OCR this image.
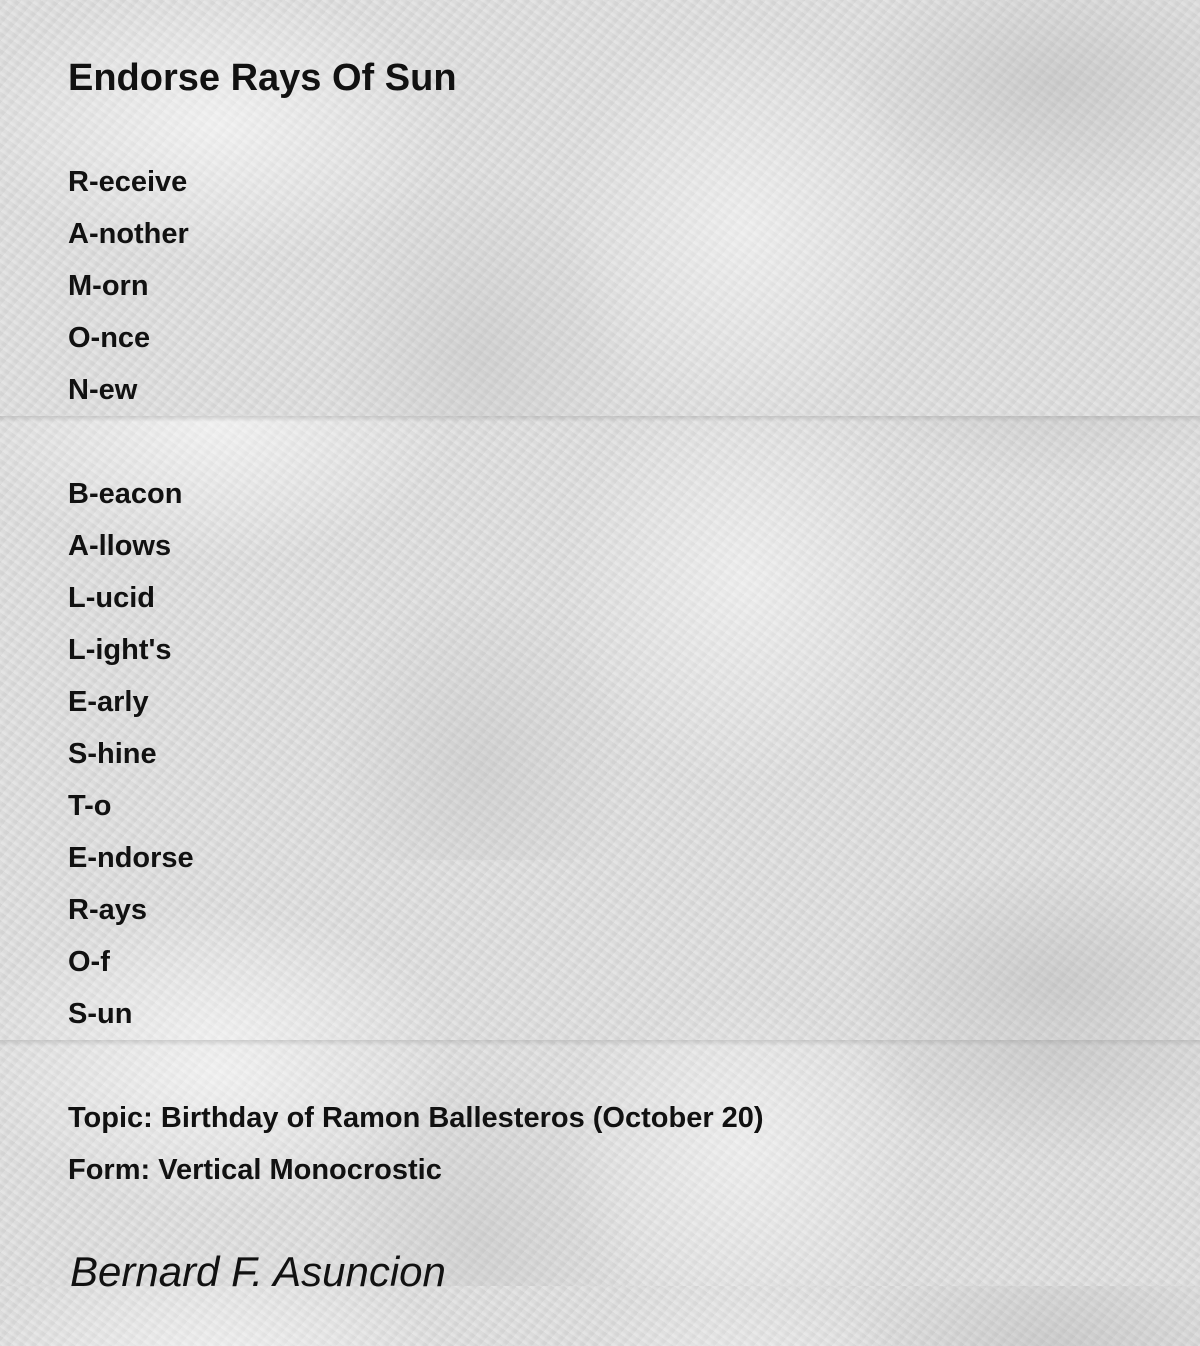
Endorse Rays Of Sun
R-eceive
A-nother
M-orn
O-nce
N-ew
B-eacon
A-llows
L-ucid
L-ight's
E-arly
S-hine
T-o
E-ndorse
R-ays
O-f
S-un
Topic: Birthday of Ramon Ballesteros (October 20)
Form: Vertical Monocrostic
Bernard F. Asuncion
